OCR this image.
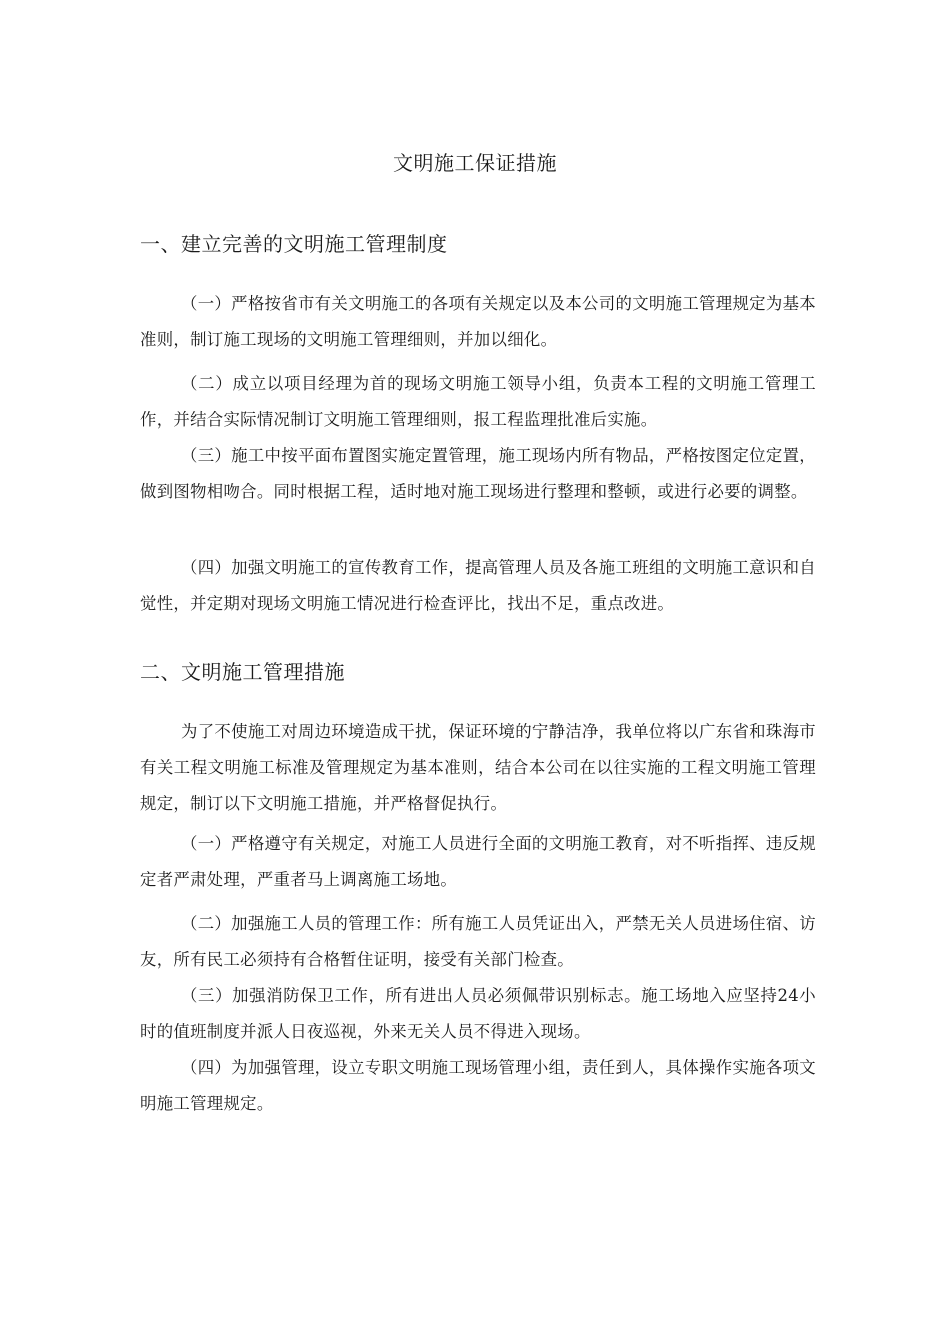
文明施工保证措施
一、建立完善的文明施工管理制度

（一）严格按省市有关文明施工的各项有关规定以及本公司的文明施工管理规定为基本准则，制订施工现场的文明施工管理细则，并加以细化。

（二）成立以项目经理为首的现场文明施工领导小组，负责本工程的文明施工管理工作，并结合实际情况制订文明施工管理细则，报工程监理批准后实施。

（三）施工中按平面布置图实施定置管理，施工现场内所有物品，严格按图定位定置，做到图物相吻合。同时根据工程，适时地对施工现场进行整理和整顿，或进行必要的调整。

（四）加强文明施工的宣传教育工作，提高管理人员及各施工班组的文明施工意识和自觉性，并定期对现场文明施工情况进行检查评比，找出不足，重点改进。

二、文明施工管理措施

为了不使施工对周边环境造成干扰，保证环境的宁静洁净，我单位将以广东省和珠海市有关工程文明施工标准及管理规定为基本准则，结合本公司在以往实施的工程文明施工管理规定，制订以下文明施工措施，并严格督促执行。

（一）严格遵守有关规定，对施工人员进行全面的文明施工教育，对不听指挥、违反规定者严肃处理，严重者马上调离施工场地。

（二）加强施工人员的管理工作：所有施工人员凭证出入，严禁无关人员进场住宿、访友，所有民工必须持有合格暂住证明，接受有关部门检查。

（三）加强消防保卫工作，所有进出人员必须佩带识别标志。施工场地入应坚持24小时的值班制度并派人日夜巡视，外来无关人员不得进入现场。

（四）为加强管理，设立专职文明施工现场管理小组，责任到人，具体操作实施各项文明施工管理规定。
